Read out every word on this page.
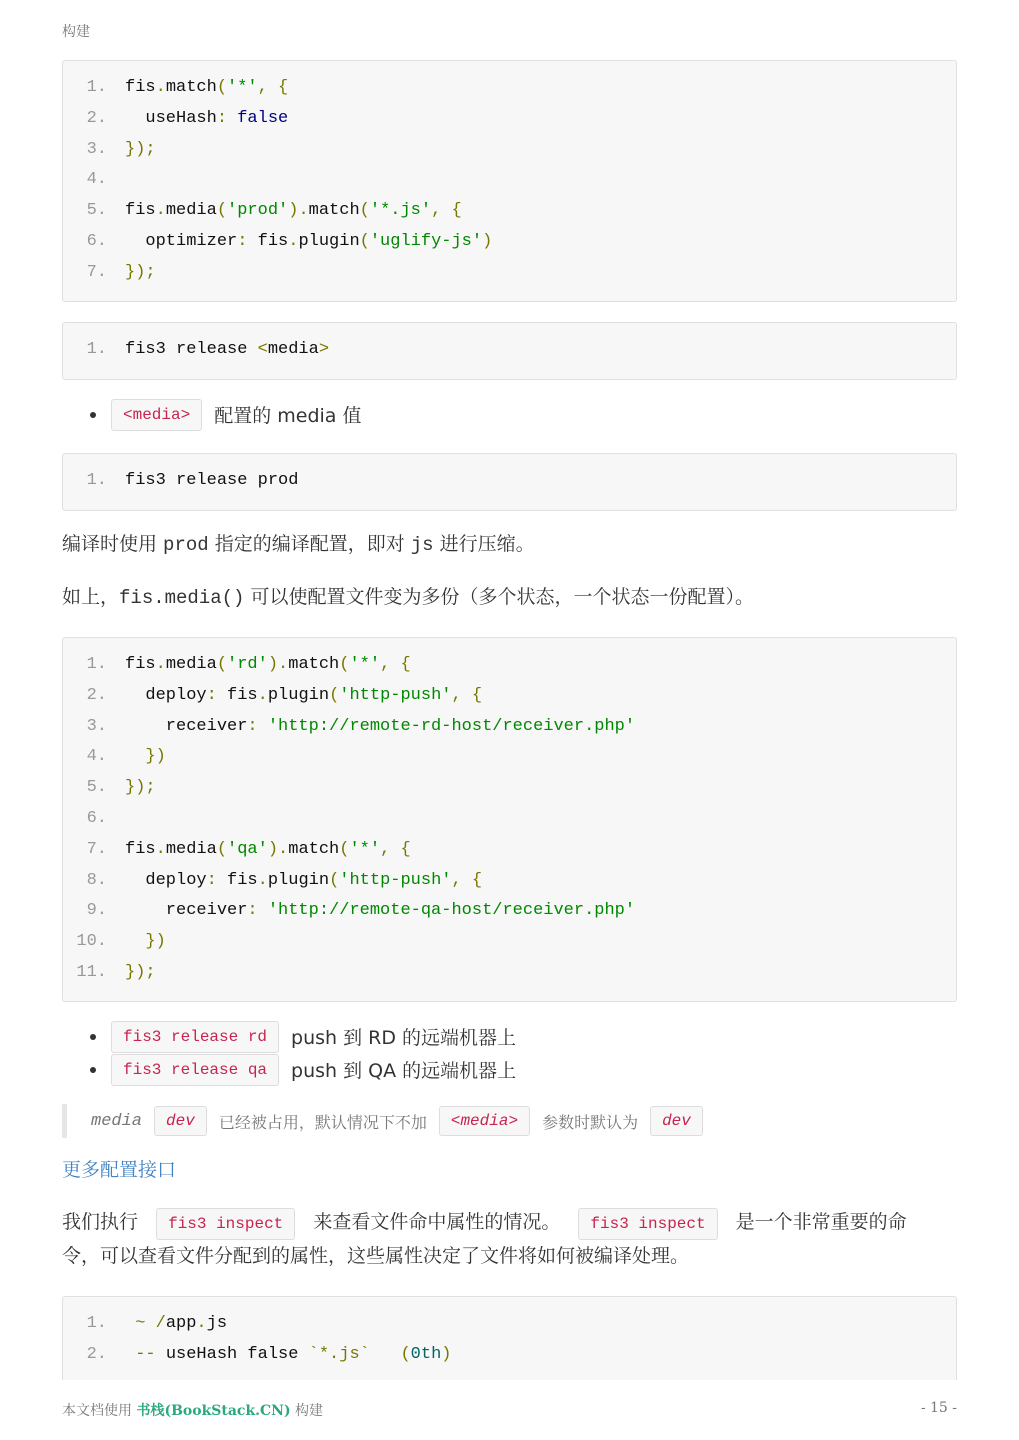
构建
1. fis.match('*', {
2. useHash: false
3. });
4.
5. fis.media('prod').match('*.js', {
6. optimizer: fis.plugin('uglify-js')
7. });
1. fis3 release <media>
<media>	配置的 media 值
1. fis3 release prod
编译时使用 prod 指定的编译配置，即对 js 进行压缩。
如上，fis.media() 可以使配置文件变为多份（多个状态，一个状态一份配置）。
1. fis.media('rd').match('*', {
2. deploy: fis.plugin('http-push', {
3. receiver: 'http://remote-rd-host/receiver.php'
4. })
5. });
6.
7. fis.media('qa').match('*', {
8. deploy: fis.plugin('http-push', {
9. receiver: 'http://remote-qa-host/receiver.php'
10. })
11. });
fis3 release rd	push 到 RD 的远端机器上
fis3 release qa	push 到 QA 的远端机器上
media	dev	已经被占用，默认情况下不加	<media>	参数时默认为	dev
更多配置接口
我们执行 fis3 inspect 来查看文件命中属性的情况。 fis3 inspect 是一个非常重要的命
令，可以查看文件分配到的属性，这些属性决定了文件将如何被编译处理。
1. ~ /app.js
2. -- useHash false `*.js`   (0th)
本文档使用 书栈(BookStack.CN) 构建	- 15 -
